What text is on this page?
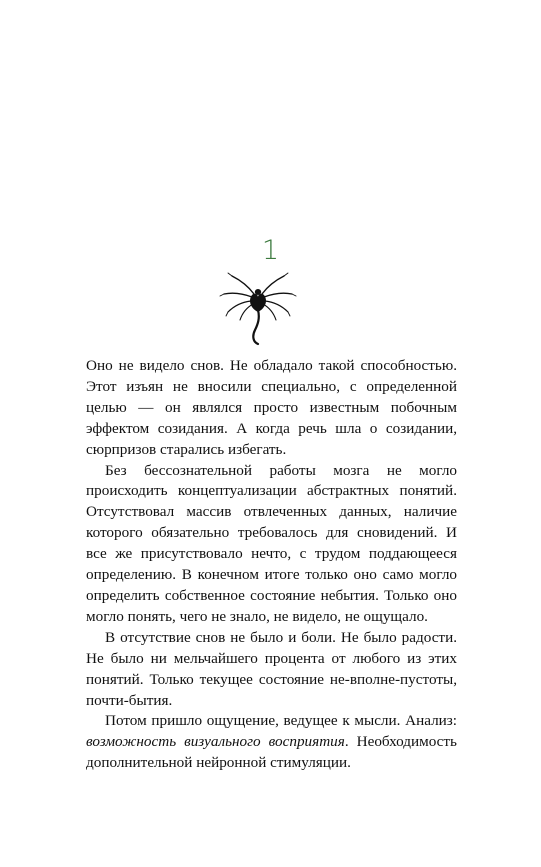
1

Оно не видело снов. Не обладало такой способностью. Этот изъян не вносили специально, с определенной целью — он являлся просто известным побочным эффектом созидания. А когда речь шла о созидании, сюрпризов старались избегать.

Без бессознательной работы мозга не могло происходить концептуализации абстрактных понятий. Отсутствовал массив отвлеченных данных, наличие которого обязательно требовалось для сновидений. И все же присутствовало нечто, с трудом поддающееся определению. В конечном итоге только оно само могло определить собственное состояние небытия. Только оно могло понять, чего не знало, не видело, не ощущало.

В отсутствие снов не было и боли. Не было радости. Не было ни мельчайшего процента от любого из этих понятий. Только текущее состояние не-вполне-пустоты, почти-бытия.

Потом пришло ощущение, ведущее к мысли. Анализ: возможность визуального восприятия. Необходимость дополнительной нейронной стимуляции.
